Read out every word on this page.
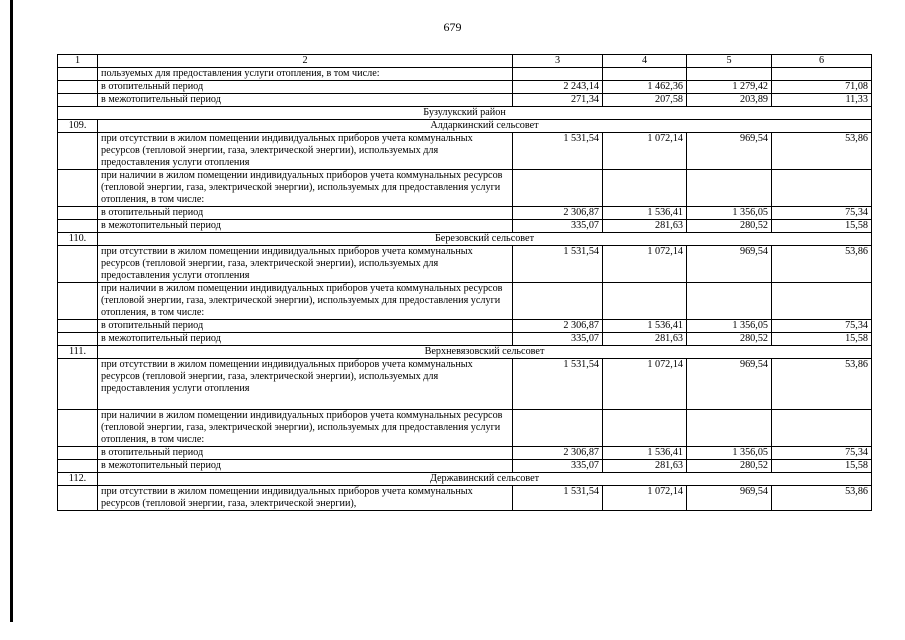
679
1	2	3	4	5	6
	пользуемых для предоставления услуги отопления, в том числе:				
	в отопительный период	2 243,14	1 462,36	1 279,42	71,08
	в межотопительный период	271,34	207,58	203,89	11,33
Бузулукский район					
109.	Алдаркинский сельсовет				
	при отсутствии в жилом помещении индивидуальных приборов учета коммунальных ресурсов (тепловой энергии, газа, электрической энергии), используемых для предоставления услуги отопления	1 531,54	1 072,14	969,54	53,86
	при наличии в жилом помещении индивидуальных приборов учета коммунальных ресурсов (тепловой энергии, газа, электрической энергии), используемых для предоставления услуги отопления, в том числе:				
	в отопительный период	2 306,87	1 536,41	1 356,05	75,34
	в межотопительный период	335,07	281,63	280,52	15,58
110.	Березовский сельсовет				
	при отсутствии в жилом помещении индивидуальных приборов учета коммунальных ресурсов (тепловой энергии, газа, электрической энергии), используемых для предоставления услуги отопления	1 531,54	1 072,14	969,54	53,86
	при наличии в жилом помещении индивидуальных приборов учета коммунальных ресурсов (тепловой энергии, газа, электрической энергии), используемых для предоставления услуги отопления, в том числе:				
	в отопительный период	2 306,87	1 536,41	1 356,05	75,34
	в межотопительный период	335,07	281,63	280,52	15,58
111.	Верхневязовский сельсовет				
	при отсутствии в жилом помещении индивидуальных приборов учета коммунальных ресурсов (тепловой энергии, газа, электрической энергии), используемых для предоставления услуги отопления	1 531,54	1 072,14	969,54	53,86
	при наличии в жилом помещении индивидуальных приборов учета коммунальных ресурсов (тепловой энергии, газа, электрической энергии), используемых для предоставления услуги отопления, в том числе:				
	в отопительный период	2 306,87	1 536,41	1 356,05	75,34
	в межотопительный период	335,07	281,63	280,52	15,58
112.	Державинский сельсовет				
	при отсутствии в жилом помещении индивидуальных приборов учета коммунальных ресурсов (тепловой энергии, газа, электрической энергии),	1 531,54	1 072,14	969,54	53,86
